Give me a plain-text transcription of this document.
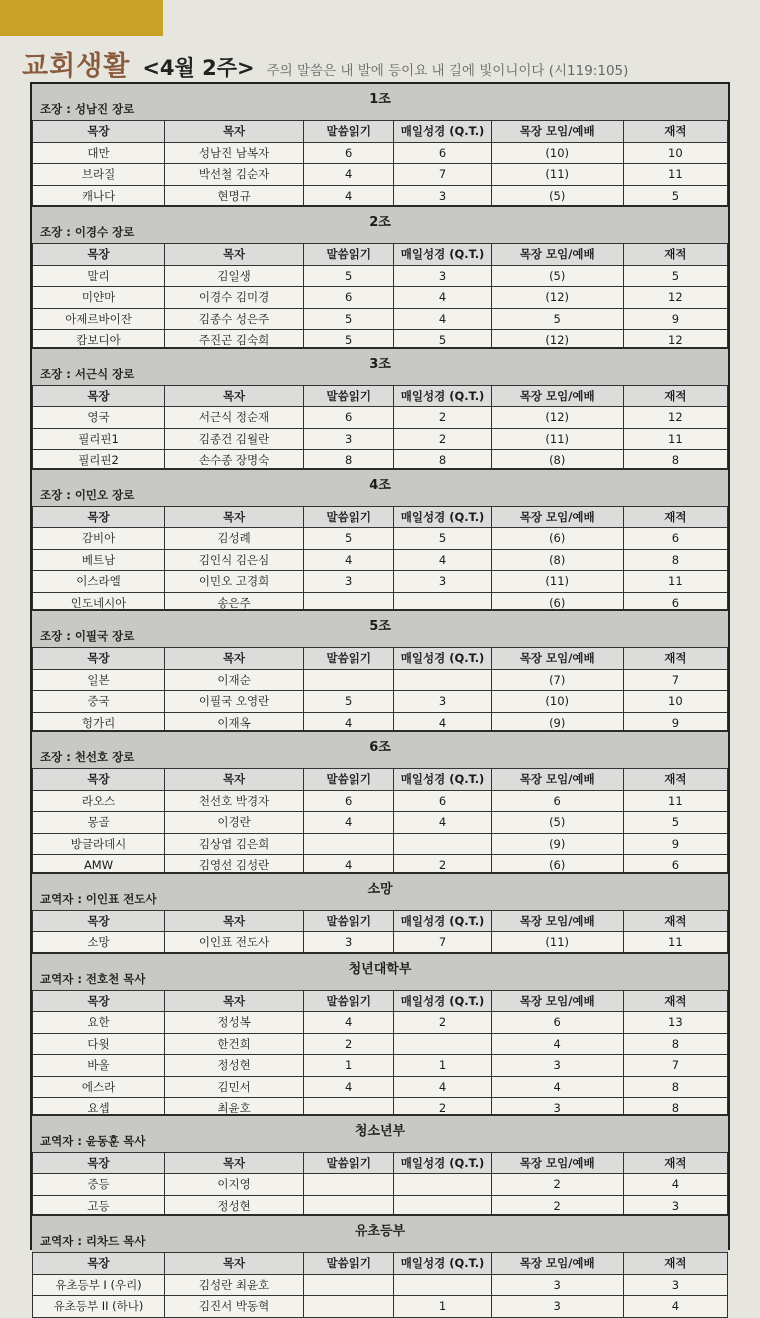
교회생활 <4월 2주> 주의 말씀은 내 발에 등이요 내 길에 빛이니이다 (시119:105)
1조
조장 : 성남진 장로
목장	목자	말씀읽기	매일성경 (Q.T.)	목장 모임/예배	재적
대만	성남진 남복자	6	6	(10)	10
브라질	박선철 김순자	4	7	(11)	11
캐나다	현명규	4	3	(5)	5
2조
조장 : 이경수 장로
목장	목자	말씀읽기	매일성경 (Q.T.)	목장 모임/예배	재적
말리	김일생	5	3	(5)	5
미얀마	이경수 김미경	6	4	(12)	12
아제르바이잔	김종수 성은주	5	4	5	9
캄보디아	주진곤 김숙희	5	5	(12)	12
3조
조장 : 서근식 장로
목장	목자	말씀읽기	매일성경 (Q.T.)	목장 모임/예배	재적
영국	서근식 정순재	6	2	(12)	12
필리핀1	김종건 김월란	3	2	(11)	11
필리핀2	손수종 장명숙	8	8	(8)	8
4조
조장 : 이민오 장로
목장	목자	말씀읽기	매일성경 (Q.T.)	목장 모임/예배	재적
감비아	김성례	5	5	(6)	6
베트남	김인식 김은심	4	4	(8)	8
이스라엘	이민오 고경희	3	3	(11)	11
인도네시아	송은주			(6)	6
5조
조장 : 이필국 장로
목장	목자	말씀읽기	매일성경 (Q.T.)	목장 모임/예배	재적
일본	이재순			(7)	7
중국	이필국 오영란	5	3	(10)	10
헝가리	이재옥	4	4	(9)	9
6조
조장 : 천선호 장로
목장	목자	말씀읽기	매일성경 (Q.T.)	목장 모임/예배	재적
라오스	천선호 박경자	6	6	6	11
몽골	이경란	4	4	(5)	5
방글라데시	김상엽 김은희			(9)	9
AMW	김영선 김성란	4	2	(6)	6
소망
교역자 : 이인표 전도사
목장	목자	말씀읽기	매일성경 (Q.T.)	목장 모임/예배	재적
소망	이인표 전도사	3	7	(11)	11
청년대학부
교역자 : 전호천 목사
목장	목자	말씀읽기	매일성경 (Q.T.)	목장 모임/예배	재적
요한	정성복	4	2	6	13
다윗	한건희	2		4	8
바울	정성현	1	1	3	7
에스라	김민서	4	4	4	8
요셉	최윤호		2	3	8
청소년부
교역자 : 윤동훈 목사
목장	목자	말씀읽기	매일성경 (Q.T.)	목장 모임/예배	재적
중등	이지영			2	4
고등	정성현			2	3
유초등부
교역자 : 리차드 목사
목장	목자	말씀읽기	매일성경 (Q.T.)	목장 모임/예배	재적
유초등부 I (우리)	김성란 최윤호			3	3
유초등부 II (하나)	김진서 박동혁		1	3	4
